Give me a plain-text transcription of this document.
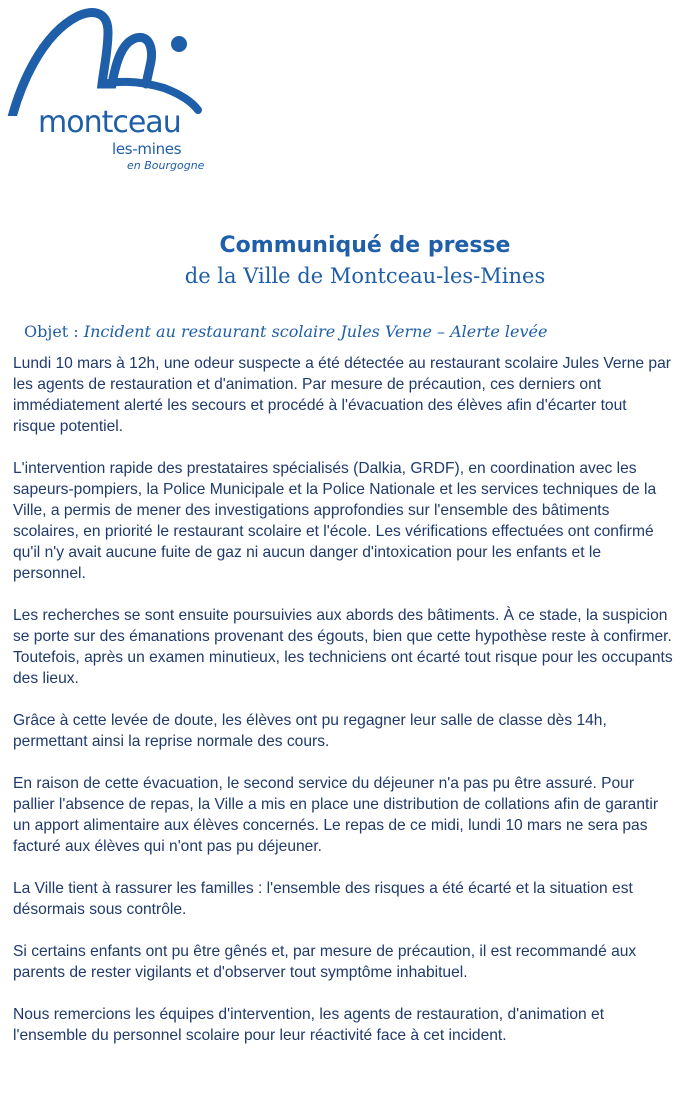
montceau
les-mines
en Bourgogne
Communiqué de presse
de la Ville de Montceau-les-Mines
Objet : Incident au restaurant scolaire Jules Verne – Alerte levée

Lundi 10 mars à 12h, une odeur suspecte a été détectée au restaurant scolaire Jules Verne par les agents de restauration et d'animation. Par mesure de précaution, ces derniers ont immédiatement alerté les secours et procédé à l'évacuation des élèves afin d'écarter tout risque potentiel.

L'intervention rapide des prestataires spécialisés (Dalkia, GRDF), en coordination avec les sapeurs-pompiers, la Police Municipale et la Police Nationale et les services techniques de la Ville, a permis de mener des investigations approfondies sur l'ensemble des bâtiments scolaires, en priorité le restaurant scolaire et l'école. Les vérifications effectuées ont confirmé qu'il n'y avait aucune fuite de gaz ni aucun danger d'intoxication pour les enfants et le personnel.

Les recherches se sont ensuite poursuivies aux abords des bâtiments. À ce stade, la suspicion se porte sur des émanations provenant des égouts, bien que cette hypothèse reste à confirmer. Toutefois, après un examen minutieux, les techniciens ont écarté tout risque pour les occupants des lieux.

Grâce à cette levée de doute, les élèves ont pu regagner leur salle de classe dès 14h, permettant ainsi la reprise normale des cours.

En raison de cette évacuation, le second service du déjeuner n'a pas pu être assuré. Pour pallier l'absence de repas, la Ville a mis en place une distribution de collations afin de garantir un apport alimentaire aux élèves concernés. Le repas de ce midi, lundi 10 mars ne sera pas facturé aux élèves qui n'ont pas pu déjeuner.

La Ville tient à rassurer les familles : l'ensemble des risques a été écarté et la situation est désormais sous contrôle.

Si certains enfants ont pu être gênés et, par mesure de précaution, il est recommandé aux parents de rester vigilants et d'observer tout symptôme inhabituel.

Nous remercions les équipes d'intervention, les agents de restauration, d'animation et l'ensemble du personnel scolaire pour leur réactivité face à cet incident.
